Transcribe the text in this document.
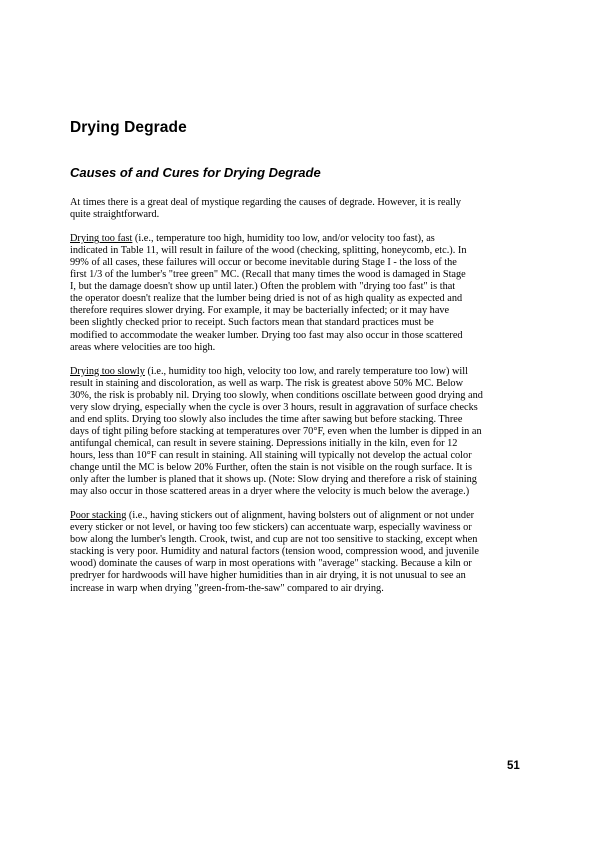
Drying Degrade
Causes of and Cures for Drying Degrade

At times there is a great deal of mystique regarding the causes of degrade. However, it is really
quite straightforward.

Drying too fast (i.e., temperature too high, humidity too low, and/or velocity too fast), as
indicated in Table 11, will result in failure of the wood (checking, splitting, honeycomb, etc.). In
99% of all cases, these failures will occur or become inevitable during Stage I - the loss of the
first 1/3 of the lumber's "tree green" MC. (Recall that many times the wood is damaged in Stage
I, but the damage doesn't show up until later.) Often the problem with "drying too fast" is that
the operator doesn't realize that the lumber being dried is not of as high quality as expected and
therefore requires slower drying. For example, it may be bacterially infected; or it may have
been slightly checked prior to receipt. Such factors mean that standard practices must be
modified to accommodate the weaker lumber. Drying too fast may also occur in those scattered
areas where velocities are too high.

Drying too slowly (i.e., humidity too high, velocity too low, and rarely temperature too low) will
result in staining and discoloration, as well as warp. The risk is greatest above 50% MC. Below
30%, the risk is probably nil. Drying too slowly, when conditions oscillate between good drying and
very slow drying, especially when the cycle is over 3 hours, result in aggravation of surface checks
and end splits. Drying too slowly also includes the time after sawing but before stacking. Three
days of tight piling before stacking at temperatures over 70°F, even when the lumber is dipped in an
antifungal chemical, can result in severe staining. Depressions initially in the kiln, even for 12
hours, less than 10°F can result in staining. All staining will typically not develop the actual color
change until the MC is below 20% Further, often the stain is not visible on the rough surface. It is
only after the lumber is planed that it shows up. (Note: Slow drying and therefore a risk of staining
may also occur in those scattered areas in a dryer where the velocity is much below the average.)

Poor stacking (i.e., having stickers out of alignment, having bolsters out of alignment or not under
every sticker or not level, or having too few stickers) can accentuate warp, especially waviness or
bow along the lumber's length. Crook, twist, and cup are not too sensitive to stacking, except when
stacking is very poor. Humidity and natural factors (tension wood, compression wood, and juvenile
wood) dominate the causes of warp in most operations with "average" stacking. Because a kiln or
predryer for hardwoods will have higher humidities than in air drying, it is not unusual to see an
increase in warp when drying "green-from-the-saw" compared to air drying.

51
